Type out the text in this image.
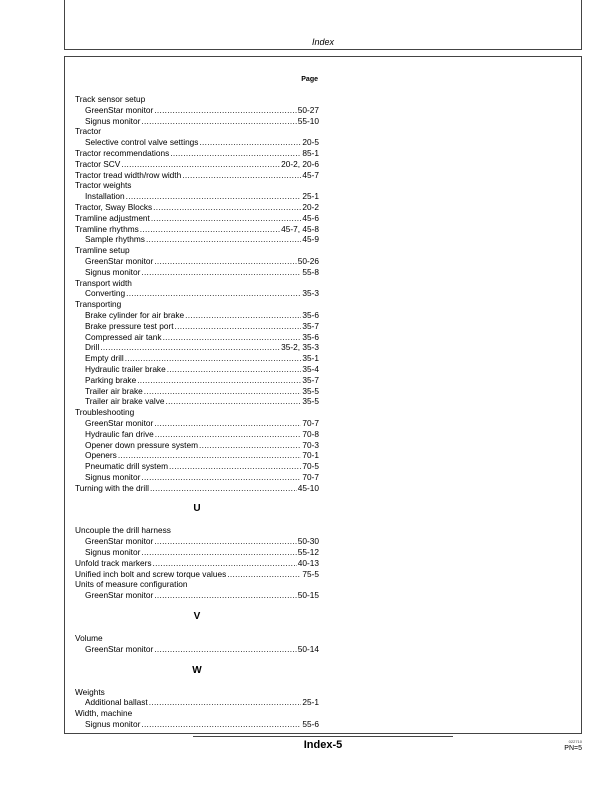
Index
Page
Track sensor setup
GreenStar monitor .....	50-27
Signus monitor .....	55-10
Tractor
Selective control valve settings .....	20-5
Tractor recommendations .....	85-1
Tractor SCV .....	20-2, 20-6
Tractor tread width/row width .....	45-7
Tractor weights
Installation .....	25-1
Tractor, Sway Blocks .....	20-2
Tramline adjustment .....	45-6
Tramline rhythms .....	45-7, 45-8
Sample rhythms .....	45-9
Tramline setup
GreenStar monitor .....	50-26
Signus monitor .....	55-8
Transport width
Converting .....	35-3
Transporting
Brake cylinder for air brake .....	35-6
Brake pressure test port .....	35-7
Compressed air tank .....	35-6
Drill .....	35-2, 35-3
Empty drill .....	35-1
Hydraulic trailer brake .....	35-4
Parking brake .....	35-7
Trailer air brake .....	35-5
Trailer air brake valve .....	35-5
Troubleshooting
GreenStar monitor .....	70-7
Hydraulic fan drive .....	70-8
Opener down pressure system .....	70-3
Openers .....	70-1
Pneumatic drill system .....	70-5
Signus monitor .....	70-7
Turning with the drill .....	45-10
U
Uncouple the drill harness
GreenStar monitor .....	50-30
Signus monitor .....	55-12
Unfold track markers .....	40-13
Unified inch bolt and screw torque values .....	75-5
Units of measure configuration
GreenStar monitor .....	50-15
V
Volume
GreenStar monitor .....	50-14
W
Weights
Additional ballast .....	25-1
Width, machine
Signus monitor .....	55-6
Index-5	022710
PN=5
